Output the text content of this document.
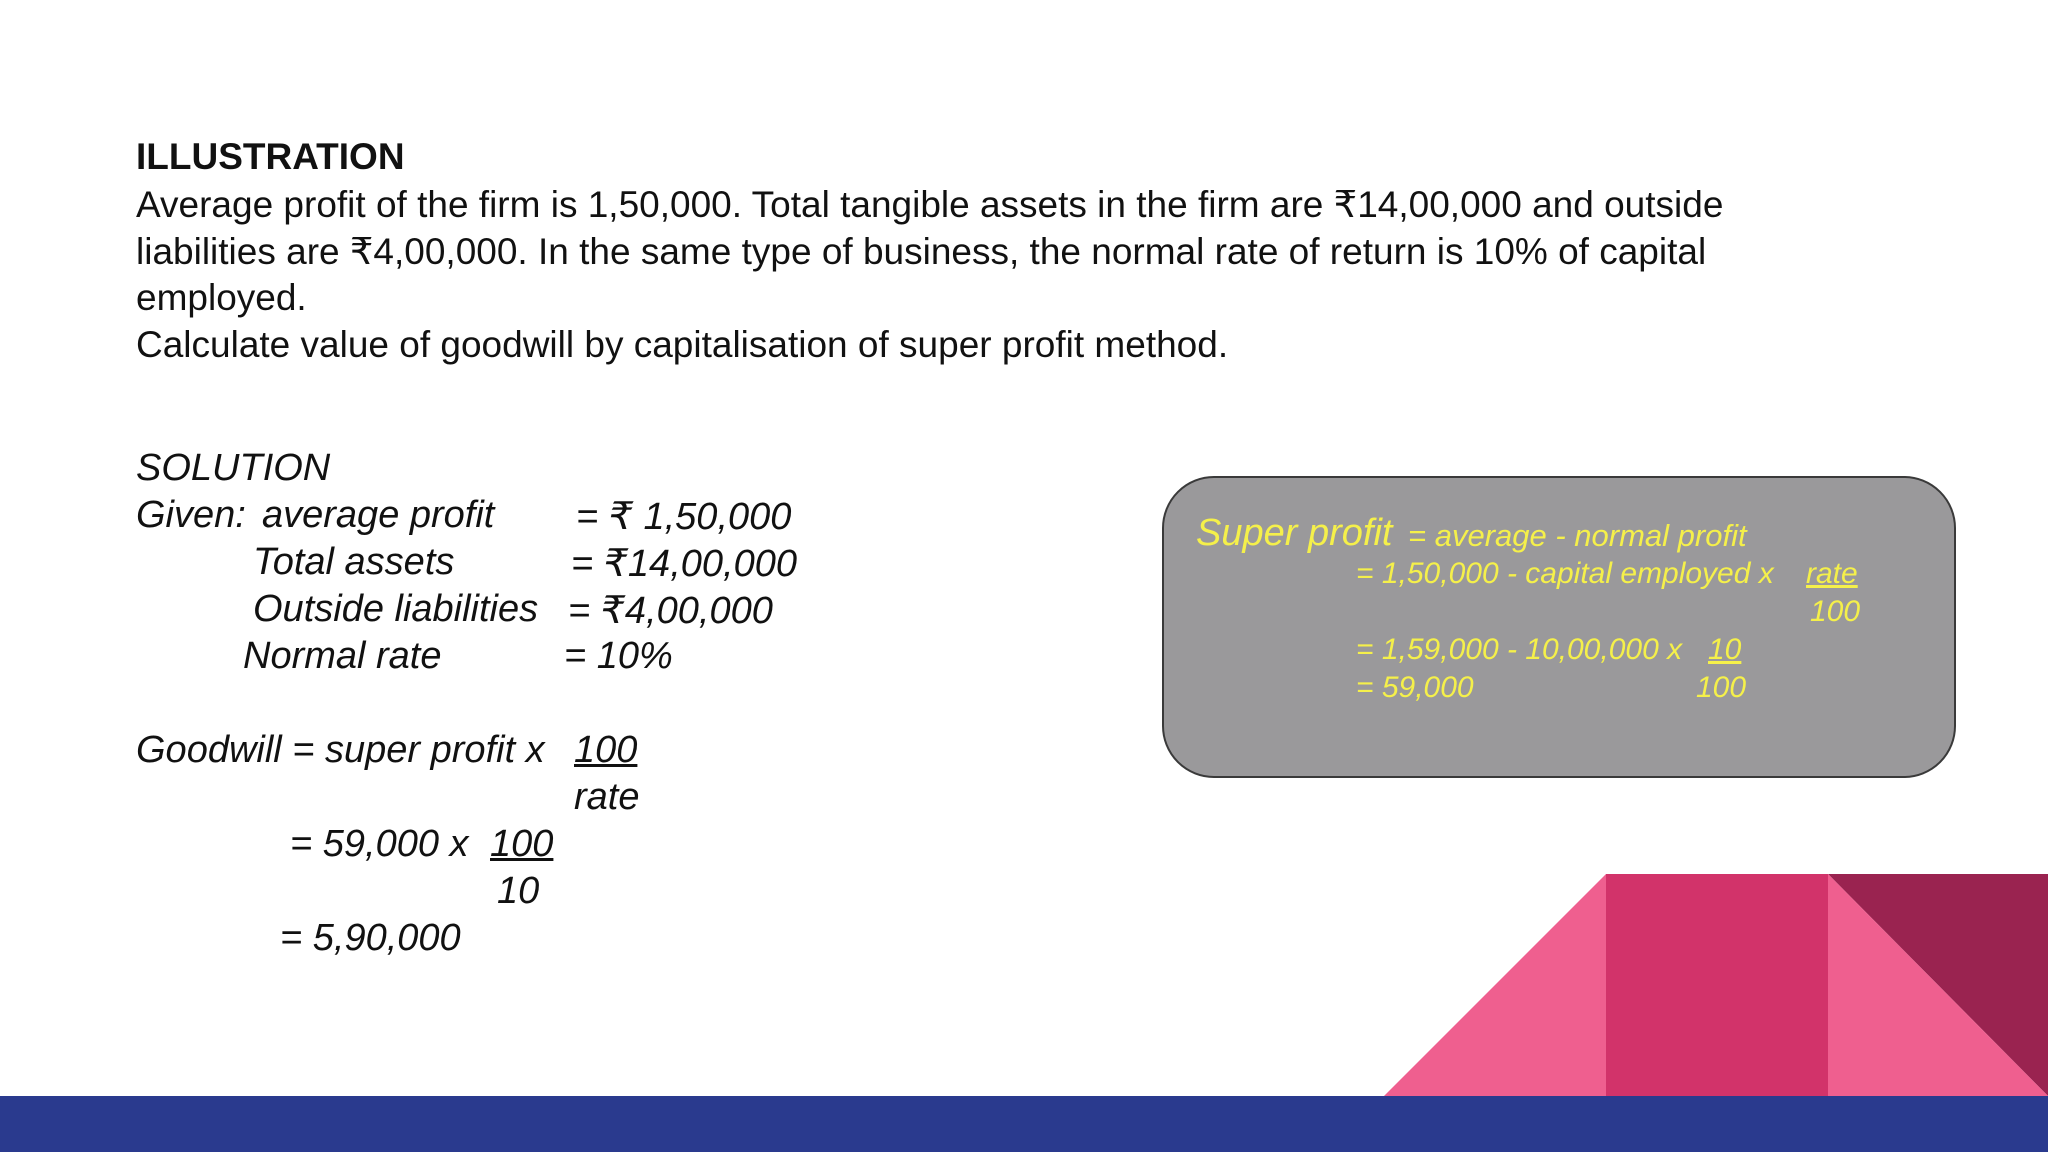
ILLUSTRATION
Average profit of the firm is 1,50,000. Total tangible assets in the firm are ₹14,00,000 and outside
liabilities are ₹4,00,000. In the same type of business, the normal rate of return is 10% of capital
employed.
Calculate value of goodwill by capitalisation of super profit method.
SOLUTION
Given: average profit = ₹ 1,50,000
Total assets	= ₹14,00,000
Outside liabilities = ₹4,00,000
Normal rate	= 10%
Goodwill = super profit x 100
rate
= 59,000 x 100
10
= 5,90,000
Super profit = average - normal profit
= 1,50,000 - capital employed x rate
100
= 1,59,000 - 10,00,000 x 10
= 59,000	100
